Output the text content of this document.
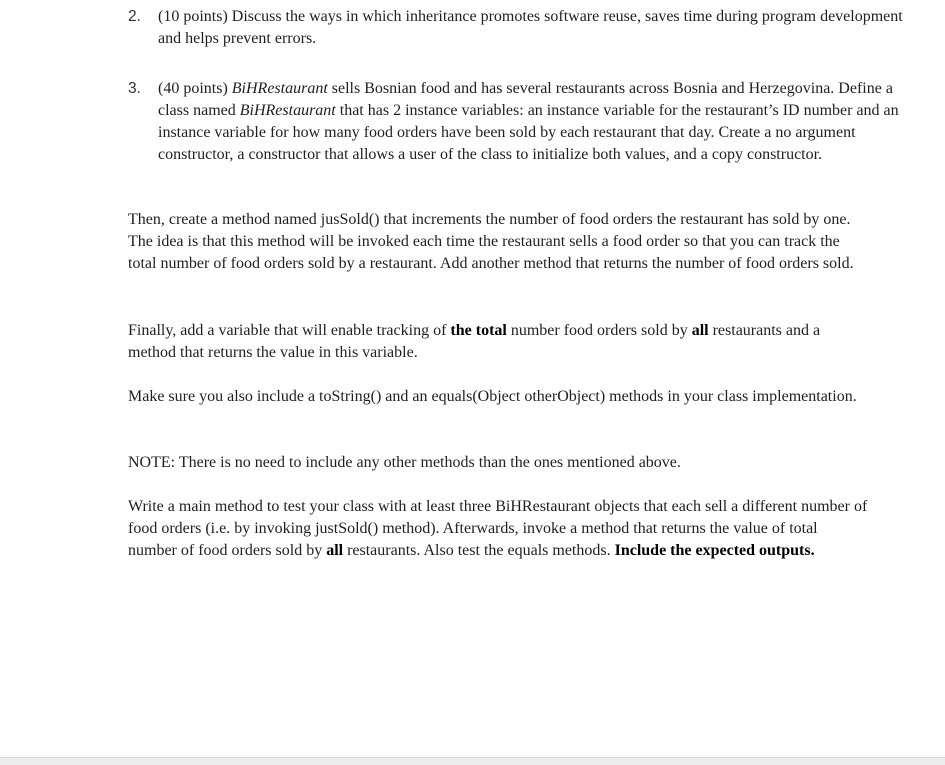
2. (10 points) Discuss the ways in which inheritance promotes software reuse, saves time during program development and helps prevent errors.
3. (40 points) BiHRestaurant sells Bosnian food and has several restaurants across Bosnia and Herzegovina. Define a class named BiHRestaurant that has 2 instance variables: an instance variable for the restaurant’s ID number and an instance variable for how many food orders have been sold by each restaurant that day. Create a no argument constructor, a constructor that allows a user of the class to initialize both values, and a copy constructor.

Then, create a method named jusSold() that increments the number of food orders the restaurant has sold by one. The idea is that this method will be invoked each time the restaurant sells a food order so that you can track the total number of food orders sold by a restaurant. Add another method that returns the number of food orders sold.

Finally, add a variable that will enable tracking of the total number food orders sold by all restaurants and a method that returns the value in this variable.

Make sure you also include a toString() and an equals(Object otherObject) methods in your class implementation.

NOTE: There is no need to include any other methods than the ones mentioned above.

Write a main method to test your class with at least three BiHRestaurant objects that each sell a different number of food orders (i.e. by invoking justSold() method). Afterwards, invoke a method that returns the value of total number of food orders sold by all restaurants. Also test the equals methods. Include the expected outputs.
